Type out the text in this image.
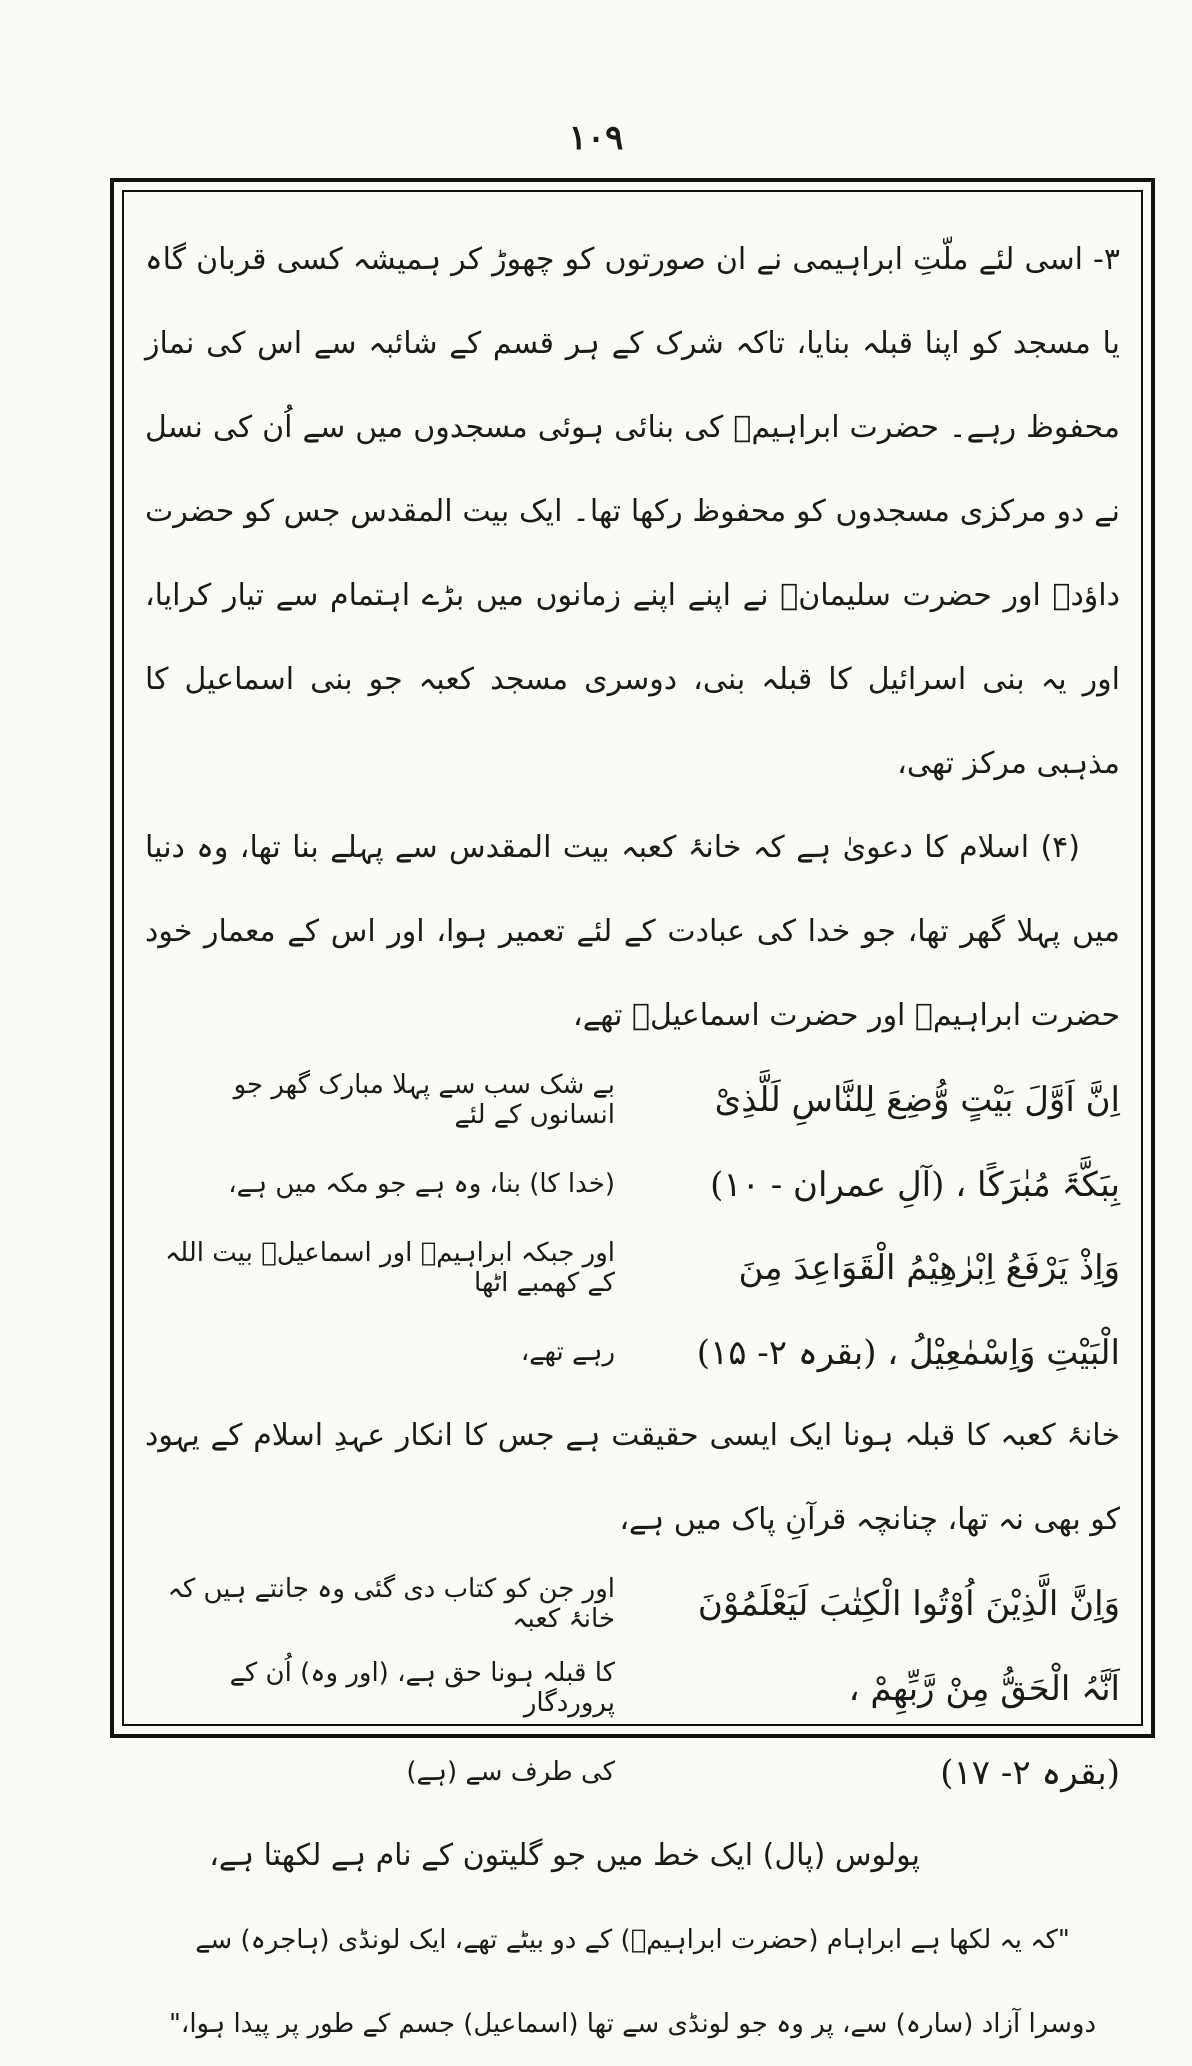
۱۰۹

۳- اسی لئے ملّتِ ابراہیمی نے ان صورتوں کو چھوڑ کر ہمیشہ کسی قربان گاہ یا مسجد کو اپنا قبلہ بنایا، تاکہ شرک کے ہر قسم کے شائبہ سے اس کی نماز محفوظ رہے۔ حضرت ابراہیمؑ کی بنائی ہوئی مسجدوں میں سے اُن کی نسل نے دو مرکزی مسجدوں کو محفوظ رکھا تھا۔ ایک بیت المقدس جس کو حضرت داؤدؑ اور حضرت سلیمانؑ نے اپنے اپنے زمانوں میں بڑے اہتمام سے تیار کرایا، اور یہ بنی اسرائیل کا قبلہ بنی، دوسری مسجد کعبہ جو بنی اسماعیل کا مذہبی مرکز تھی،

(۴) اسلام کا دعویٰ ہے کہ خانۂ کعبہ بیت المقدس سے پہلے بنا تھا، وہ دنیا میں پہلا گھر تھا، جو خدا کی عبادت کے لئے تعمیر ہوا، اور اس کے معمار خود حضرت ابراہیمؑ اور حضرت اسماعیلؑ تھے،

اِنَّ اَوَّلَ بَیْتٍ وُّضِعَ لِلنَّاسِ لَلَّذِیْ
بے شک سب سے پہلا مبارک گھر جو انسانوں کے لئے
بِبَکَّۃَ مُبٰرَکًا ، (آلِ عمران - ۱۰)
(خدا کا) بنا، وہ ہے جو مکہ میں ہے،
وَاِذْ یَرْفَعُ اِبْرٰھِیْمُ الْقَوَاعِدَ مِنَ
اور جبکہ ابراہیمؑ اور اسماعیلؑ بیت اللہ کے کھمبے اٹھا
الْبَیْتِ وَاِسْمٰعِیْلُ ، (بقرہ ۲- ۱۵)
رہے تھے،

خانۂ کعبہ کا قبلہ ہونا ایک ایسی حقیقت ہے جس کا انکار عہدِ اسلام کے یہود کو بھی نہ تھا، چنانچہ قرآنِ پاک میں ہے،

وَاِنَّ الَّذِیْنَ اُوْتُوا الْکِتٰبَ لَیَعْلَمُوْنَ
اور جن کو کتاب دی گئی وہ جانتے ہیں کہ خانۂ کعبہ
اَنَّہُ الْحَقُّ مِنْ رَّبِّھِمْ ،
کا قبلہ ہونا حق ہے، (اور وہ) اُن کے پروردگار
(بقرہ ۲- ۱۷)
کی طرف سے (ہے)

پولوس (پال) ایک خط میں جو گلیتون کے نام ہے لکھتا ہے،

"کہ یہ لکھا ہے ابراہام (حضرت ابراہیمؑ) کے دو بیٹے تھے، ایک لونڈی (ہاجرہ) سے

دوسرا آزاد (سارہ) سے، پر وہ جو لونڈی سے تھا (اسماعیل) جسم کے طور پر پیدا ہوا،"
